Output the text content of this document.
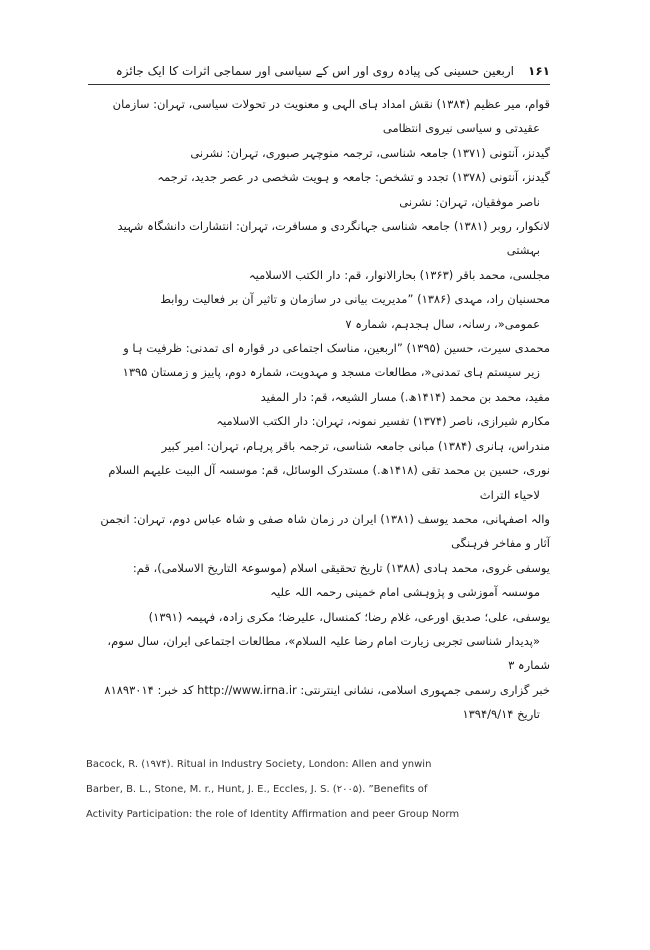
اربعین حسینی کی پیادہ روی اور اس کے سیاسی اور سماجی اثرات کا ایک جائزہ ۱۶۱

قوام، میر عظیم (۱۳۸۴) نقش امداد ہای الہی و معنویت در تحولات سیاسی، تہران: سازمان
عقیدتی و سیاسی نیروی انتظامی

گیدنز، آنتونی (۱۳۷۱) جامعہ شناسی، ترجمہ منوچہر صبوری، تہران: نشرنی

گیدنز، آنتونی (۱۳۷۸) تجدد و تشخص: جامعہ و ہویت شخصی در عصر جدید، ترجمہ
ناصر موفقیان، تہران: نشرنی

لانکوار، روبر (۱۳۸۱) جامعہ شناسی جہانگردی و مسافرت، تہران: انتشارات دانشگاہ شہید
بہشتی

مجلسی، محمد باقر (۱۳۶۳) بحارالانوار، قم: دار الکتب الاسلامیہ

محسنیان راد، مہدی (۱۳۸۶) ”مدیریت بیانی در سازمان و تاثیر آن بر فعالیت روابط
عمومی«، رسانہ، سال ہجدہم، شمارہ ۷

محمدی سیرت، حسین (۱۳۹۵) ”اربعین، مناسک اجتماعی در قوارہ ای تمدنی: ظرفیت ہا و
زیر سیستم ہای تمدنی«، مطالعات مسجد و مہدویت، شمارہ دوم، پاییز و زمستان ۱۳۹۵

مفید، محمد بن محمد (۱۴۱۴ھ.) مسار الشیعہ، قم: دار المفید

مکارم شیرازی، ناصر (۱۳۷۴) تفسیر نمونہ، تہران: دار الکتب الاسلامیہ

مندراس، ہانری (۱۳۸۴) مبانی جامعہ شناسی، ترجمہ باقر پرہام، تہران: امیر کبیر

نوری، حسین بن محمد تقی (۱۴۱۸ھ.) مستدرک الوسائل، قم: موسسہ آل البیت علیہم السلام
لاحیاء التراث

والہ اصفہانی، محمد یوسف (۱۳۸۱) ایران در زمان شاہ صفی و شاہ عباس دوم، تہران: انجمن آثار و مفاخر فرہنگی

یوسفی غروی، محمد ہادی (۱۳۸۸) تاریخ تحقیقی اسلام (موسوعۃ التاریخ الاسلامی)، قم:
موسسہ آموزشی و پژوہشی امام خمینی رحمہ اللہ علیہ

یوسفی، علی؛ صدیق اورعی، غلام رضا؛ کمنسال، علیرضا؛ مکری زادہ، فہیمہ (۱۳۹۱)
«پدیدار شناسی تجربی زیارت امام رضا علیہ السلام»، مطالعات اجتماعی ایران، سال سوم، شمارہ ۳

خبر گزاری رسمی جمہوری اسلامی، نشانی اینترنتی: http://www.irna.ir کد خبر: ۸۱۸۹۳۰۱۴
تاریخ ۱۳۹۴/۹/۱۴

Bacock, R. (۱۹۷۴). Ritual in Industry Society, London: Allen and ynwin

Barber, B. L., Stone, M. r., Hunt, J. E., Eccles, J. S. (۲۰۰۵). ”Benefits of

Activity Participation: the role of Identity Affirmation and peer Group Norm
